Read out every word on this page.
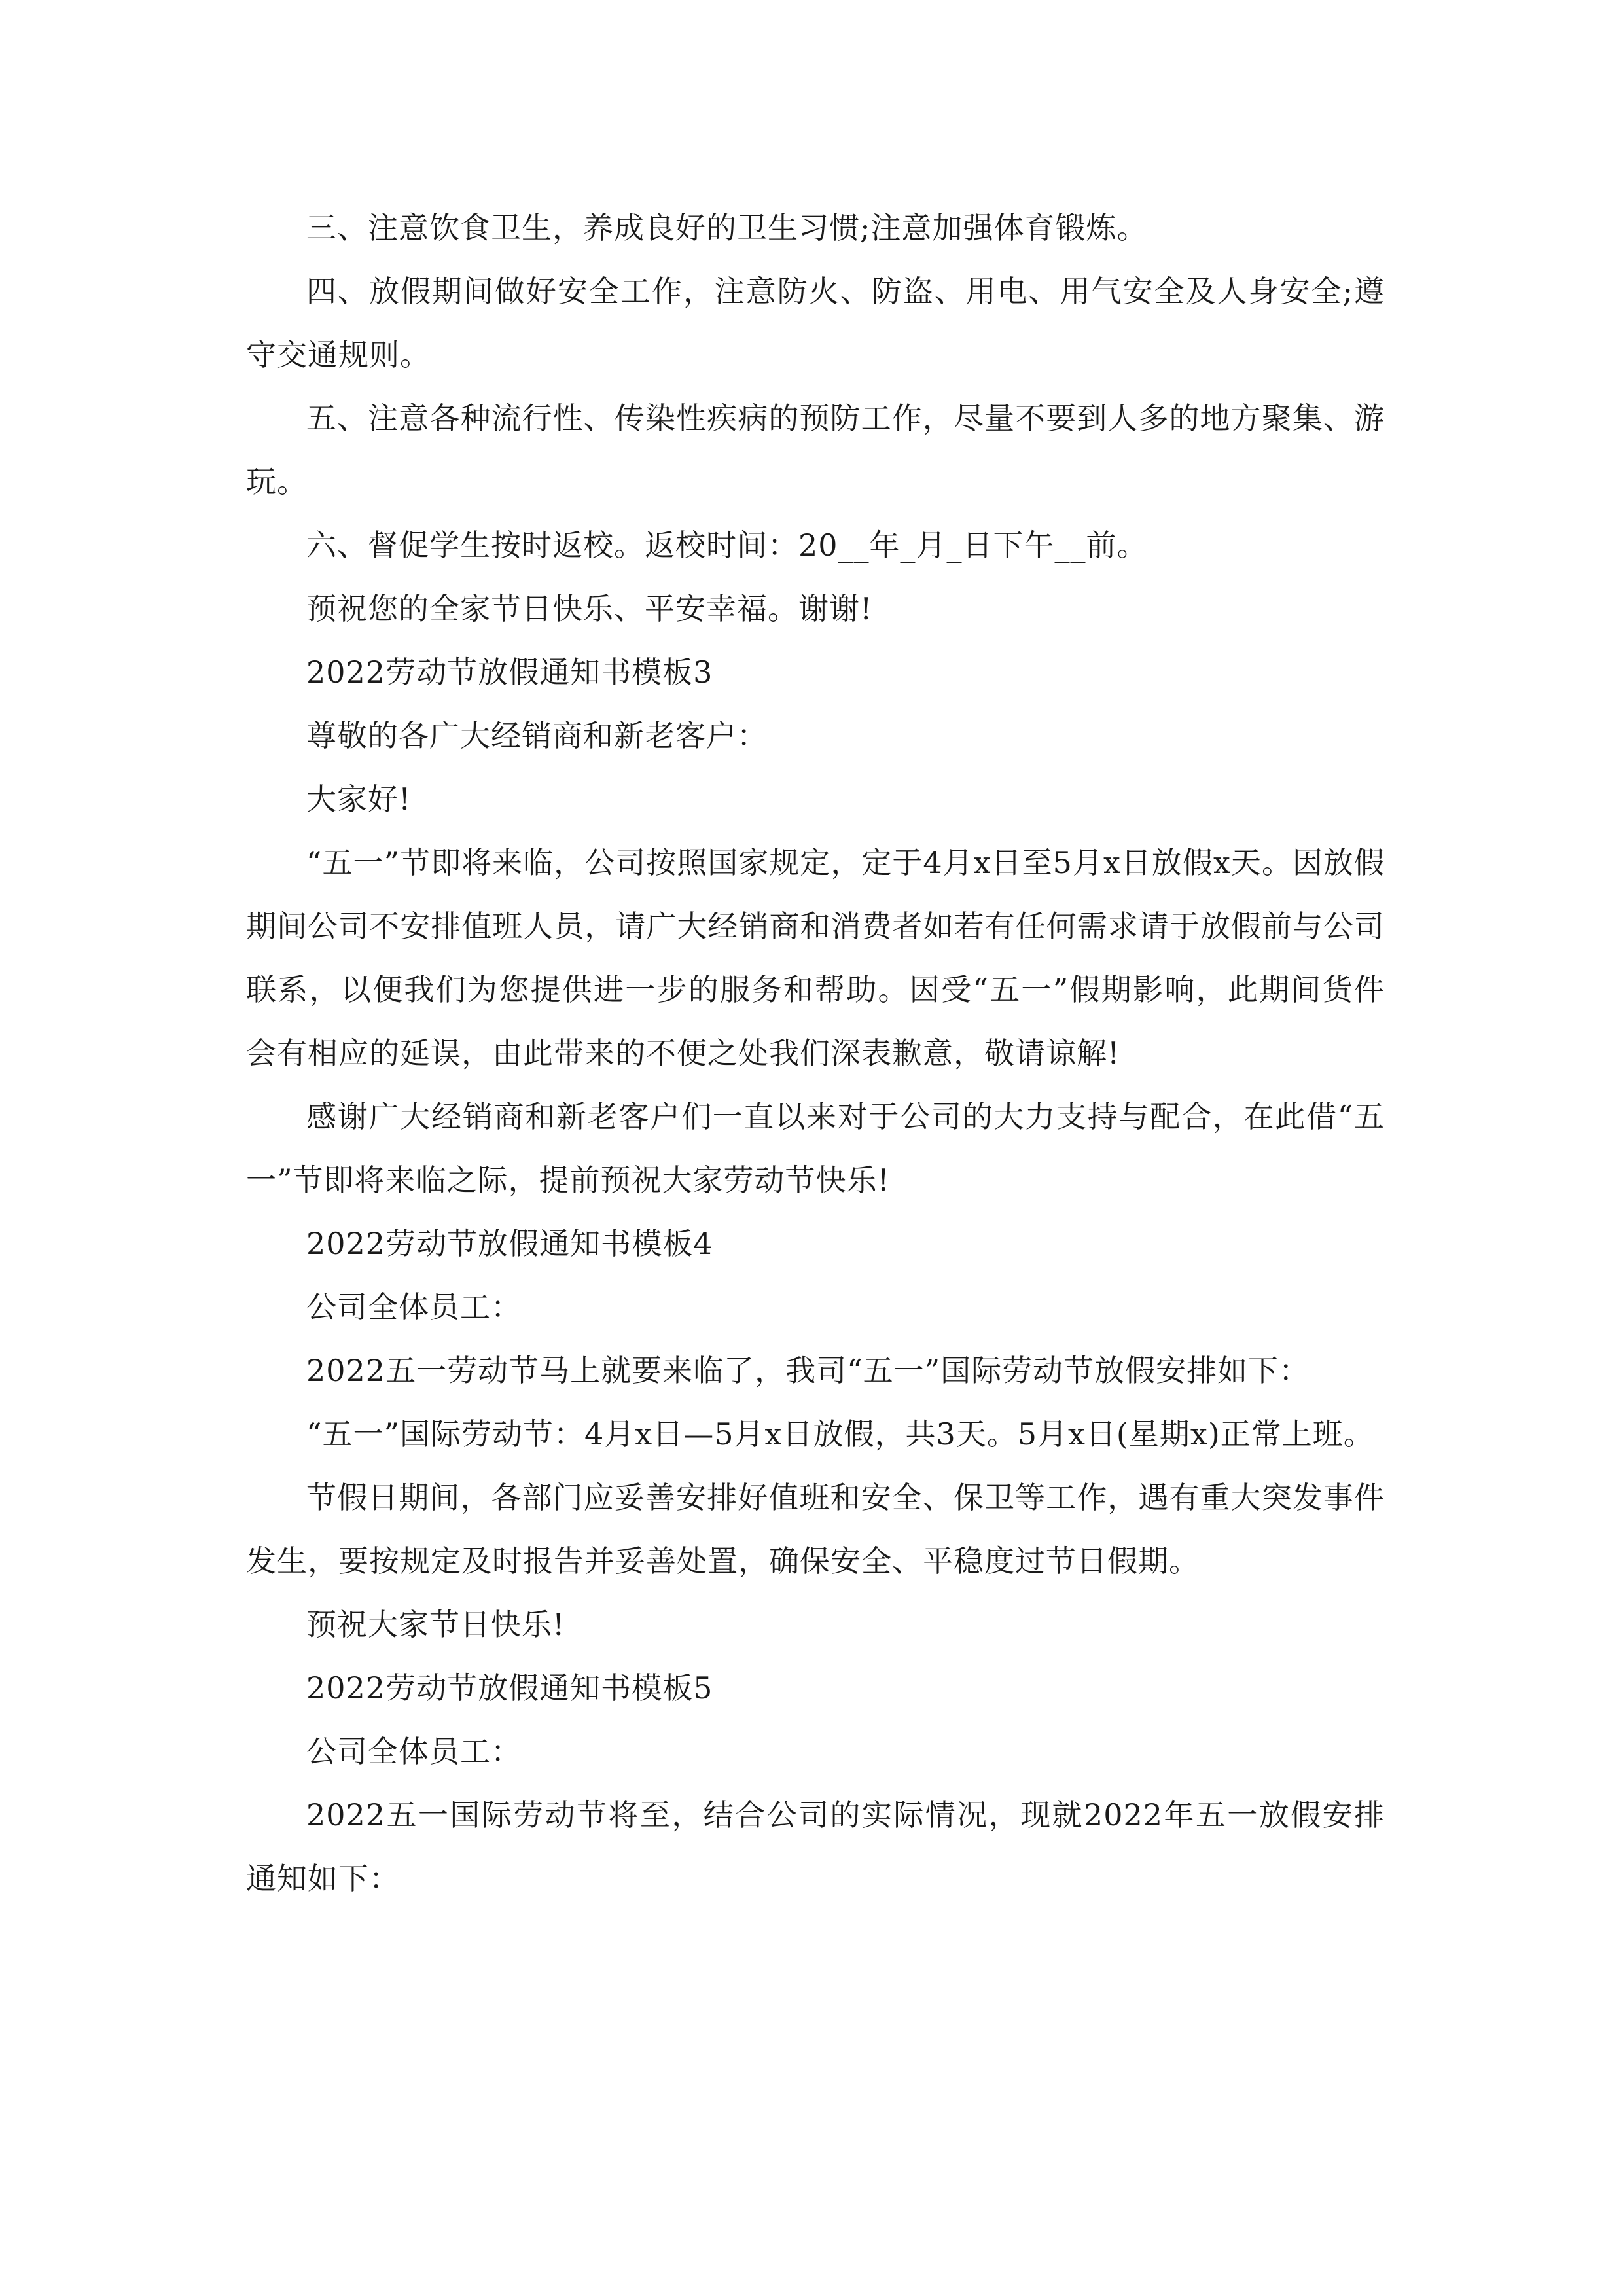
三、注意饮食卫生，养成良好的卫生习惯;注意加强体育锻炼。

四、放假期间做好安全工作，注意防火、防盗、用电、用气安全及人身安全;遵守交通规则。

五、注意各种流行性、传染性疾病的预防工作，尽量不要到人多的地方聚集、游玩。

六、督促学生按时返校。返校时间：20__年_月_日下午__前。

预祝您的全家节日快乐、平安幸福。谢谢!

2022劳动节放假通知书模板3

尊敬的各广大经销商和新老客户：

大家好!

“五一”节即将来临，公司按照国家规定，定于4月x日至5月x日放假x天。因放假期间公司不安排值班人员，请广大经销商和消费者如若有任何需求请于放假前与公司联系，以便我们为您提供进一步的服务和帮助。因受“五一”假期影响，此期间货件会有相应的延误，由此带来的不便之处我们深表歉意，敬请谅解!

感谢广大经销商和新老客户们一直以来对于公司的大力支持与配合，在此借“五一”节即将来临之际，提前预祝大家劳动节快乐!

2022劳动节放假通知书模板4

公司全体员工：

2022五一劳动节马上就要来临了，我司“五一”国际劳动节放假安排如下：

“五一”国际劳动节：4月x日—5月x日放假，共3天。5月x日(星期x)正常上班。

节假日期间，各部门应妥善安排好值班和安全、保卫等工作，遇有重大突发事件发生，要按规定及时报告并妥善处置，确保安全、平稳度过节日假期。

预祝大家节日快乐!

2022劳动节放假通知书模板5

公司全体员工：

2022五一国际劳动节将至，结合公司的实际情况，现就2022年五一放假安排通知如下：
